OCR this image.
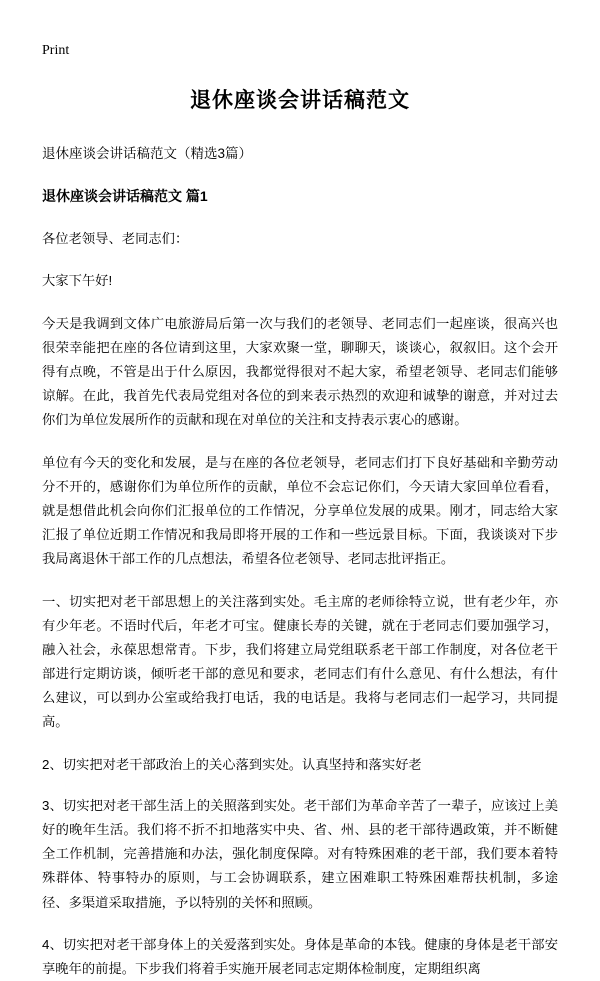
Print
退休座谈会讲话稿范文
退休座谈会讲话稿范文（精选3篇）
退休座谈会讲话稿范文 篇1

各位老领导、老同志们：

大家下午好!

今天是我调到文体广电旅游局后第一次与我们的老领导、老同志们一起座谈，很高兴也很荣幸能把在座的各位请到这里，大家欢聚一堂，聊聊天，谈谈心，叙叙旧。这个会开得有点晚，不管是出于什么原因，我都觉得很对不起大家，希望老领导、老同志们能够谅解。在此，我首先代表局党组对各位的到来表示热烈的欢迎和诚挚的谢意，并对过去你们为单位发展所作的贡献和现在对单位的关注和支持表示衷心的感谢。

单位有今天的变化和发展，是与在座的各位老领导，老同志们打下良好基础和辛勤劳动分不开的，感谢你们为单位所作的贡献，单位不会忘记你们，今天请大家回单位看看，就是想借此机会向你们汇报单位的工作情况，分享单位发展的成果。刚才，同志给大家汇报了单位近期工作情况和我局即将开展的工作和一些远景目标。下面，我谈谈对下步我局离退休干部工作的几点想法，希望各位老领导、老同志批评指正。

一、切实把对老干部思想上的关注落到实处。毛主席的老师徐特立说，世有老少年，亦有少年老。不语时代后，年老才可宝。健康长寿的关键，就在于老同志们要加强学习，融入社会，永葆思想常青。下步，我们将建立局党组联系老干部工作制度，对各位老干部进行定期访谈，倾听老干部的意见和要求，老同志们有什么意见、有什么想法，有什么建议，可以到办公室或给我打电话，我的电话是。我将与老同志们一起学习，共同提高。

2、切实把对老干部政治上的关心落到实处。认真坚持和落实好老

3、切实把对老干部生活上的关照落到实处。老干部们为革命辛苦了一辈子，应该过上美好的晚年生活。我们将不折不扣地落实中央、省、州、县的老干部待遇政策，并不断健全工作机制，完善措施和办法，强化制度保障。对有特殊困难的老干部，我们要本着特殊群体、特事特办的原则，与工会协调联系，建立困难职工特殊困难帮扶机制，多途径、多渠道采取措施，予以特别的关怀和照顾。

4、切实把对老干部身体上的关爱落到实处。身体是革命的本钱。健康的身体是老干部安享晚年的前提。下步我们将着手实施开展老同志定期体检制度，定期组织离
